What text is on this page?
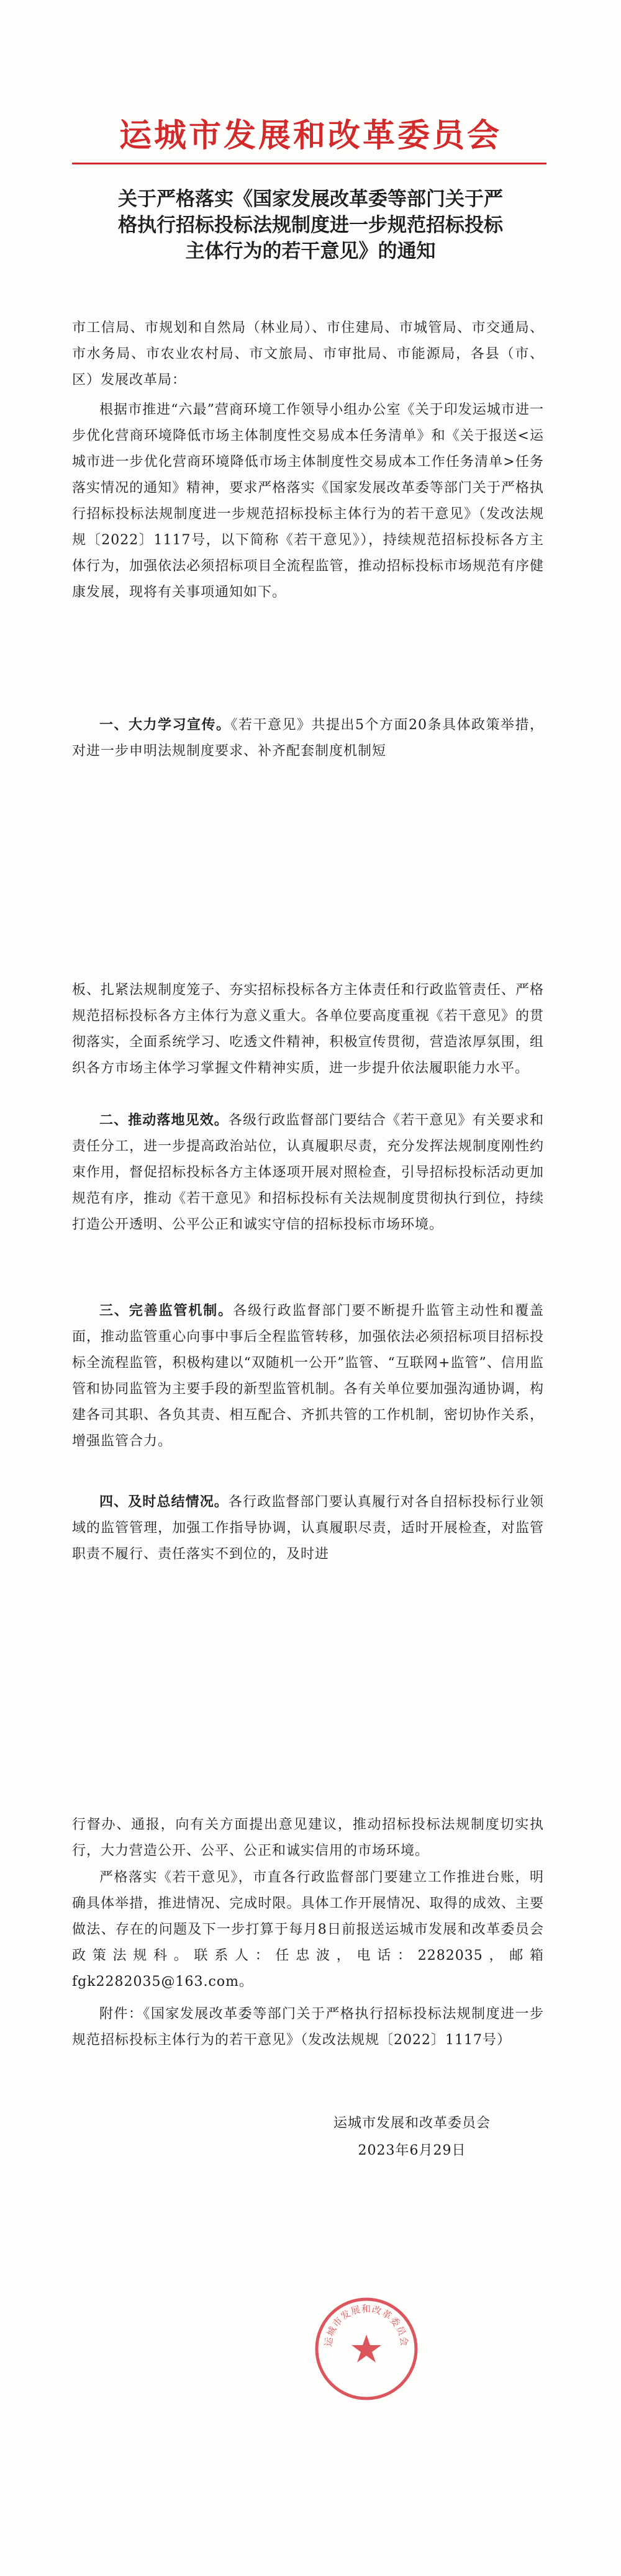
运城市发展和改革委员会
关于严格落实《国家发展改革委等部门关于严
格执行招标投标法规制度进一步规范招标投标
主体行为的若干意见》的通知
市工信局、市规划和自然局（林业局）、市住建局、市城管局、市交通局、市水务局、市农业农村局、市文旅局、市审批局、市能源局，各县（市、区）发展改革局：
根据市推进“六最”营商环境工作领导小组办公室《关于印发运城市进一步优化营商环境降低市场主体制度性交易成本任务清单》和《关于报送<运城市进一步优化营商环境降低市场主体制度性交易成本工作任务清单>任务落实情况的通知》精神，要求严格落实《国家发展改革委等部门关于严格执行招标投标法规制度进一步规范招标投标主体行为的若干意见》（发改法规规〔2022〕1117号，以下简称《若干意见》），持续规范招标投标各方主体行为，加强依法必须招标项目全流程监管，推动招标投标市场规范有序健康发展，现将有关事项通知如下。
一、大力学习宣传。《若干意见》共提出5个方面20条具体政策举措，对进一步申明法规制度要求、补齐配套制度机制短
板、扎紧法规制度笼子、夯实招标投标各方主体责任和行政监管责任、严格规范招标投标各方主体行为意义重大。各单位要高度重视《若干意见》的贯彻落实，全面系统学习、吃透文件精神，积极宣传贯彻，营造浓厚氛围，组织各方市场主体学习掌握文件精神实质，进一步提升依法履职能力水平。
二、推动落地见效。各级行政监督部门要结合《若干意见》有关要求和责任分工，进一步提高政治站位，认真履职尽责，充分发挥法规制度刚性约束作用，督促招标投标各方主体逐项开展对照检查，引导招标投标活动更加规范有序，推动《若干意见》和招标投标有关法规制度贯彻执行到位，持续打造公开透明、公平公正和诚实守信的招标投标市场环境。
三、完善监管机制。各级行政监督部门要不断提升监管主动性和覆盖面，推动监管重心向事中事后全程监管转移，加强依法必须招标项目招标投标全流程监管，积极构建以“双随机一公开”监管、“互联网+监管”、信用监管和协同监管为主要手段的新型监管机制。各有关单位要加强沟通协调，构建各司其职、各负其责、相互配合、齐抓共管的工作机制，密切协作关系，增强监管合力。
四、及时总结情况。各行政监督部门要认真履行对各自招标投标行业领域的监管管理，加强工作指导协调，认真履职尽责，适时开展检查，对监管职责不履行、责任落实不到位的，及时进
行督办、通报，向有关方面提出意见建议，推动招标投标法规制度切实执行，大力营造公开、公平、公正和诚实信用的市场环境。
严格落实《若干意见》，市直各行政监督部门要建立工作推进台账，明确具体举措，推进情况、完成时限。具体工作开展情况、取得的成效、主要做法、存在的问题及下一步打算于每月8日前报送运城市发展和改革委员会政策法规科。联系人：任忠波，电话：2282035，邮箱fgk2282035@163.com。
附件：《国家发展改革委等部门关于严格执行招标投标法规制度进一步规范招标投标主体行为的若干意见》（发改法规规〔2022〕1117号）
运城市发展和改革委员会
2023年6月29日
运城市发展和改革委员会
